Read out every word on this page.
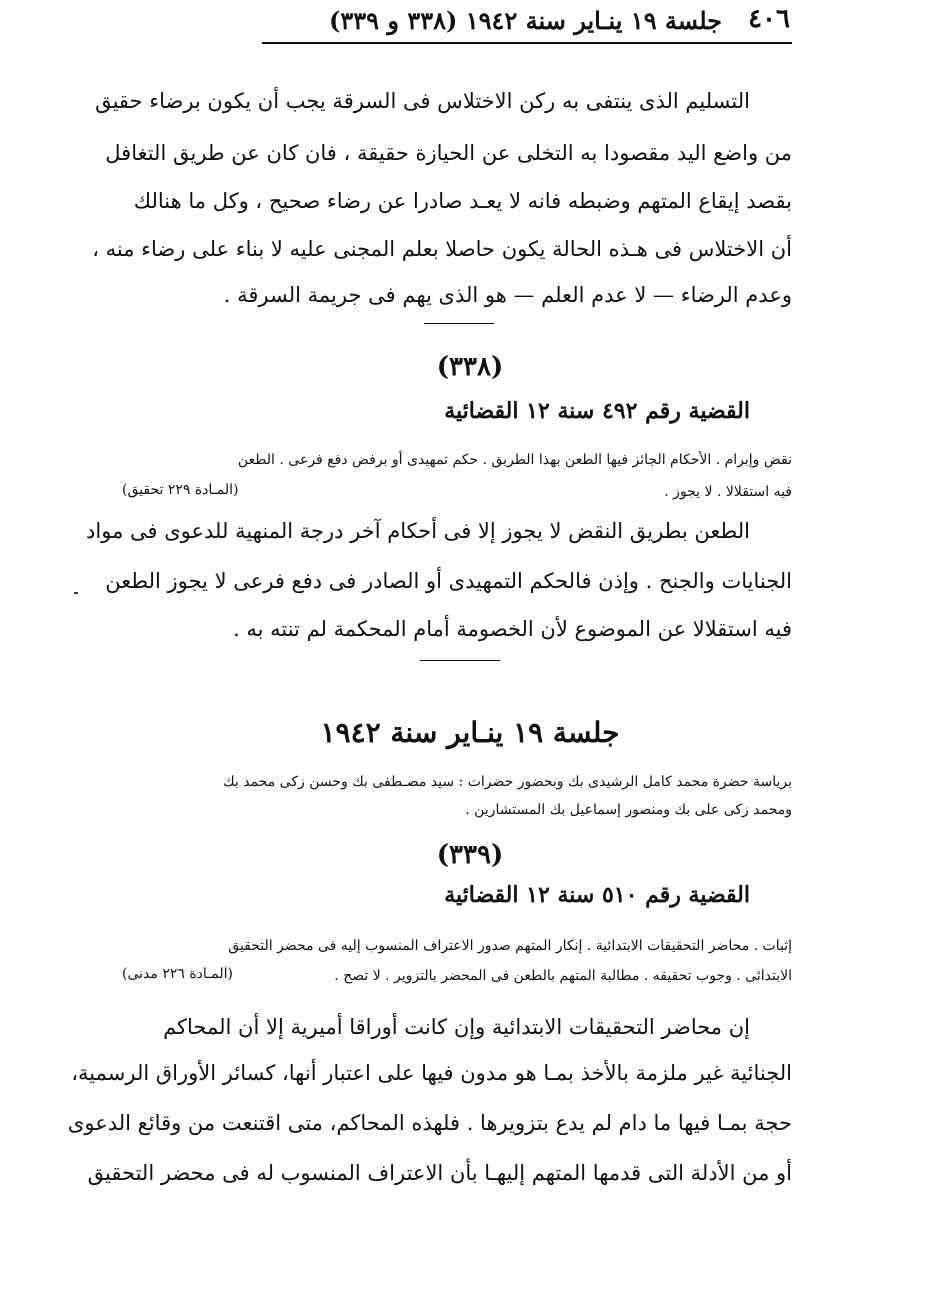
٤٠٦
جلسة ١٩ ينـاير سنة ١٩٤٢ (٣٣٨ و ٣٣٩)
التسليم الذى ينتفى به ركن الاختلاس فى السرقة يجب أن يكون برضاء حقيق
من واضع اليد مقصودا به التخلى عن الحيازة حقيقة ، فان كان عن طريق التغافل
بقصد إيقاع المتهم وضبطه فانه لا يعـد صادرا عن رضاء صحيح ، وكل ما هنالك
أن الاختلاس فى هـذه الحالة يكون حاصلا بعلم المجنى عليه لا بناء على رضاء منه ،
وعدم الرضاء — لا عدم العلم — هو الذى يهم فى جريمة السرقة .
(٣٣٨)
القضية رقم ٤٩٢ سنة ١٢ القضائية
نقض وإبرام . الأحكام الجائز فيها الطعن بهذا الطريق . حكم تمهيدى أو برفض دفع فرعى . الطعن
فيه استقلالا . لا يجوز .
(المـادة ٢٢٩ تحقيق)
الطعن بطريق النقض لا يجوز إلا فى أحكام آخر درجة المنهية للدعوى فى مواد
الجنايات والجنح . وإذن فالحكم التمهيدى أو الصادر فى دفع فرعى لا يجوز الطعن
فيه استقلالا عن الموضوع لأن الخصومة أمام المحكمة لم تنته به .
جلسة ١٩ ينـاير سنة ١٩٤٢
برياسة حضرة محمد كامل الرشيدى بك وبحضور حضرات : سيد مصـطفى بك وحسن زكى محمد بك
ومحمد زكى على بك ومنصور إسماعيل بك المستشارين .
(٣٣٩)
القضية رقم ٥١٠ سنة ١٢ القضائية
إثبات . محاضر التحقيقات الابتدائية . إنكار المتهم صدور الاعتراف المنسوب إليه فى محضر التحقيق
الابتدائى . وجوب تحقيقه . مطالبة المتهم بالطعن فى المحضر بالتزوير . لا تصح .
(المـادة ٢٢٦ مدنى)
إن محاضر التحقيقات الابتدائية وإن كانت أوراقا أميرية إلا أن المحاكم
الجنائية غير ملزمة بالأخذ بمـا هو مدون فيها على اعتبار أنها، كسائر الأوراق الرسمية،
حجة بمـا فيها ما دام لم يدع بتزويرها . فلهذه المحاكم، متى اقتنعت من وقائع الدعوى
أو من الأدلة التى قدمها المتهم إليهـا بأن الاعتراف المنسوب له فى محضر التحقيق
